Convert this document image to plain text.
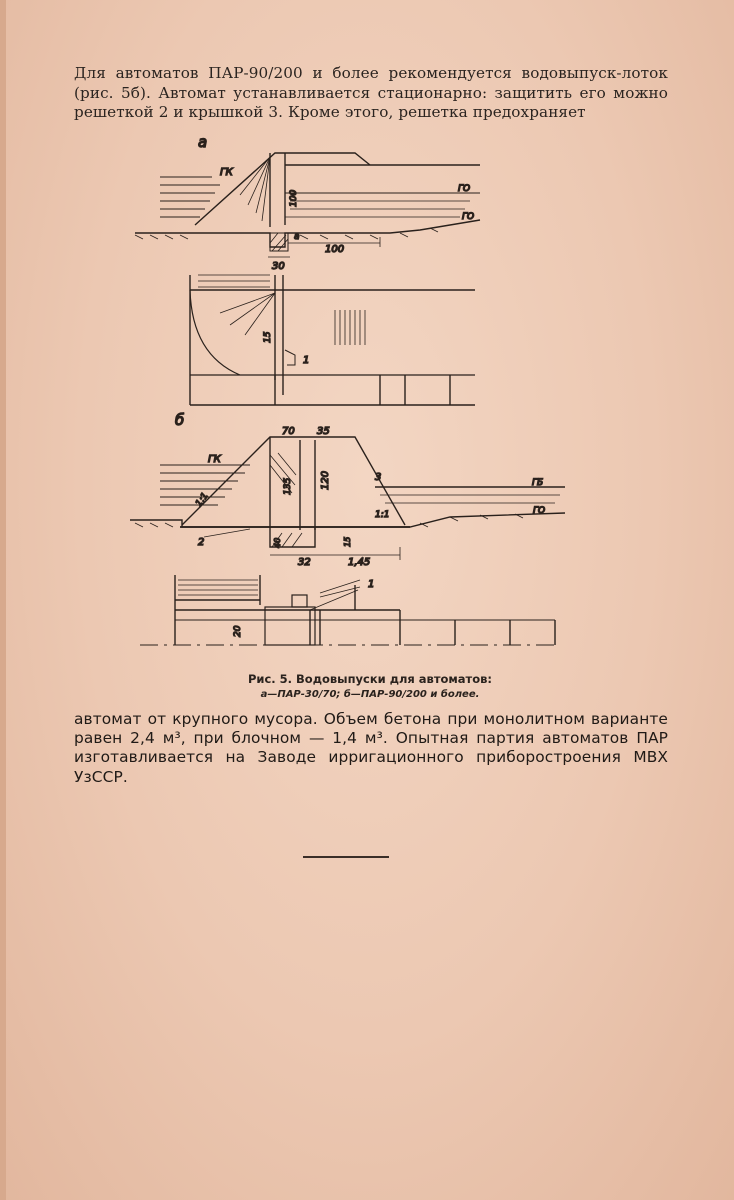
Для автоматов ПАР-90/200 и более рекомендуется водовыпуск-лоток (рис. 5б). Автомат устанавливается стационарно: защитить его можно решеткой 2 и крышкой 3. Кроме этого, решетка предохраняет
а
ГК
100
ГО
ГО
а
100
30
15
1
б
70 35
ГК
1:1
1:1
135	120	3	ГБ
ГО
2	40	15
32	1,45
1
20
Рис. 5. Водовыпуски для автоматов:
а—ПАР-30/70; б—ПАР-90/200 и более.
автомат от крупного мусора. Объем бетона при монолитном варианте равен 2,4 м³, при блочном — 1,4 м³. Опытная партия автоматов ПАР изготавливается на Заводе ирригационного приборостроения МВХ УзССР.
